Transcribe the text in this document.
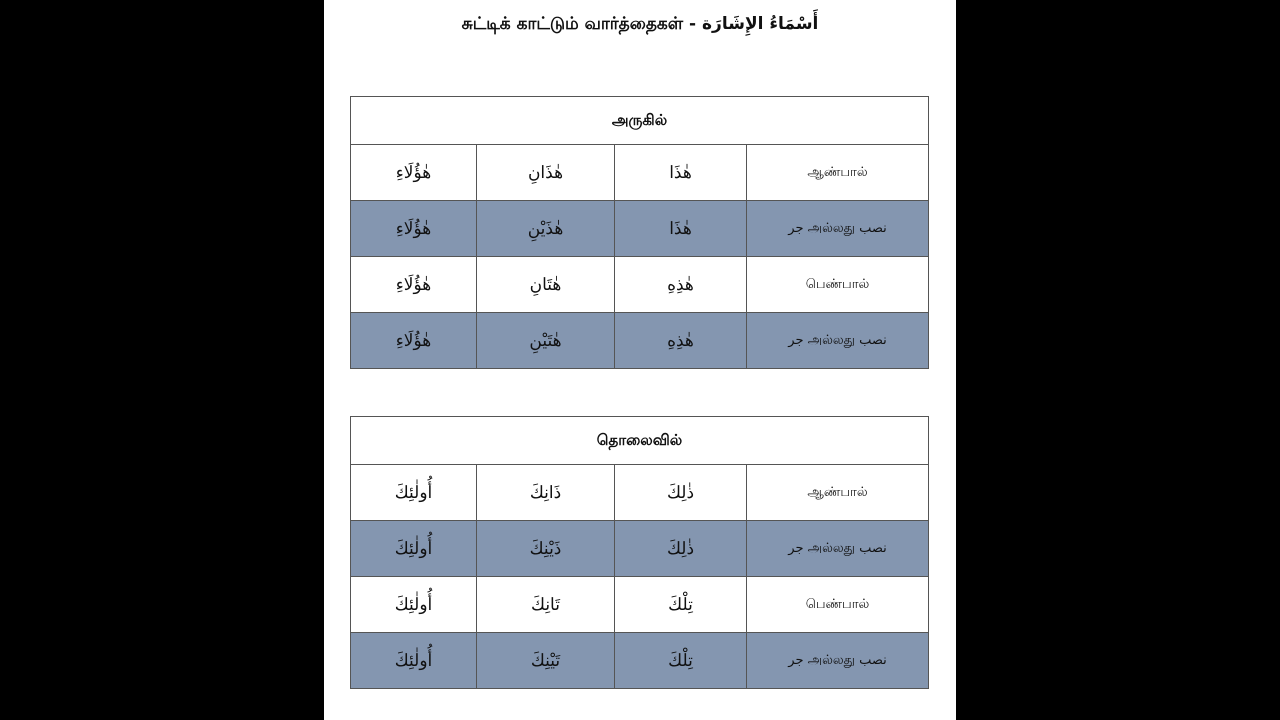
சுட்டிக் காட்டும் வார்த்தைகள் - أَسْمَاءُ الإِشَارَة
அருகில்			
هٰؤُلَاءِ	هٰذَانِ	هٰذَا	ஆண்பால்
هٰؤُلَاءِ	هٰذَيْنِ	هٰذَا	جر அல்லது نصب
هٰؤُلَاءِ	هٰتَانِ	هٰذِهِ	பெண்பால்
هٰؤُلَاءِ	هٰتَيْنِ	هٰذِهِ	جر அல்லது نصب
தொலைவில்			
أُولٰئِكَ	ذَانِكَ	ذٰلِكَ	ஆண்பால்
أُولٰئِكَ	ذَيْنِكَ	ذٰلِكَ	جر அல்லது نصب
أُولٰئِكَ	تَانِكَ	تِلْكَ	பெண்பால்
أُولٰئِكَ	تَيْنِكَ	تِلْكَ	جر அல்லது نصب
